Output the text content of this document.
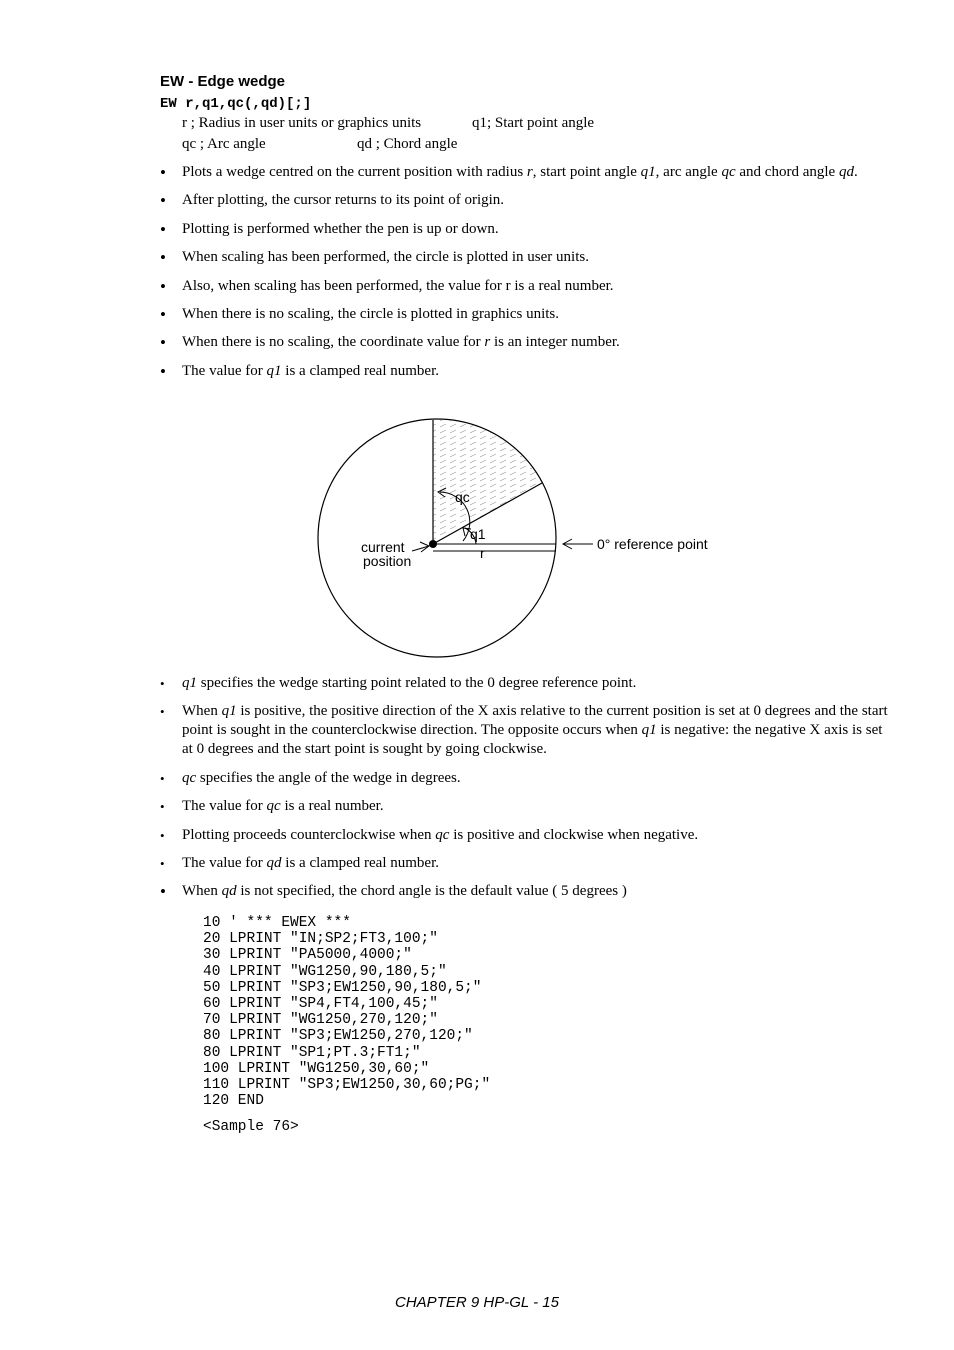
EW - Edge wedge
EW r,q1,qc(,qd)[;]
r ; Radius in user units or graphics units	q1; Start point angle
qc ; Arc angle	qd ; Chord angle
• Plots a wedge centred on the current position with radius r, start point angle q1, arc angle qc and chord angle qd.
• After plotting, the cursor returns to its point of origin.
• Plotting is performed whether the pen is up or down.
• When scaling has been performed, the circle is plotted in user units.
• Also, when scaling has been performed, the value for r is a real number.
• When there is no scaling, the circle is plotted in graphics units.
• When there is no scaling, the coordinate value for r is an integer number.
• The value for q1 is a clamped real number.
qc
q1
r
current
position
0° reference point
• q1 specifies the wedge starting point related to the 0 degree reference point.
• When q1 is positive, the positive direction of the X axis relative to the current position is set at 0 degrees and the start point is sought in the counterclockwise direction. The opposite occurs when q1 is negative: the negative X axis is set at 0 degrees and the start point is sought by going clockwise.
• qc specifies the angle of the wedge in degrees.
• The value for qc is a real number.
• Plotting proceeds counterclockwise when qc is positive and clockwise when negative.
• The value for qd is a clamped real number.
• When qd is not specified, the chord angle is the default value ( 5 degrees )
10 ' *** EWEX ***
20 LPRINT "IN;SP2;FT3,100;"
30 LPRINT "PA5000,4000;"
40 LPRINT "WG1250,90,180,5;"
50 LPRINT "SP3;EW1250,90,180,5;"
60 LPRINT "SP4,FT4,100,45;"
70 LPRINT "WG1250,270,120;"
80 LPRINT "SP3;EW1250,270,120;"
80 LPRINT "SP1;PT.3;FT1;"
100 LPRINT "WG1250,30,60;"
110 LPRINT "SP3;EW1250,30,60;PG;"
120 END
<Sample 76>
CHAPTER 9 HP-GL - 15
